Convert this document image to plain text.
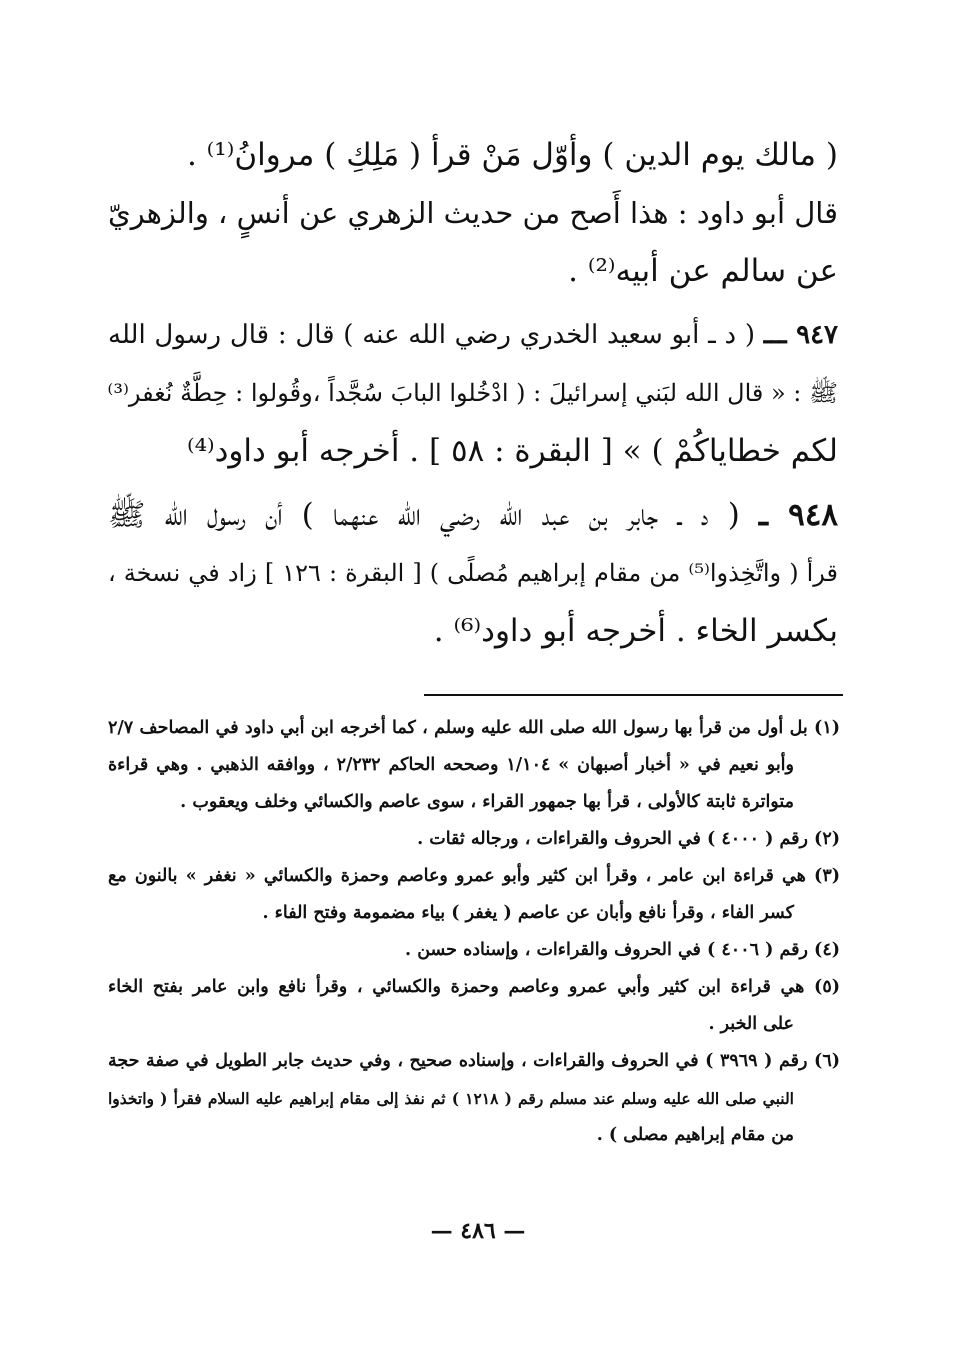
( مالك يوم الدين ) وأوّل مَنْ قرأ ( مَلِكِ ) مروانُ⁽¹⁾ .
قال أبو داود : هذا أَصح من حديث الزهري عن أنسٍ ، والزهريّ
عن سالم عن أبيه⁽²⁾ .
٩٤٧ ـــ ( د ـ أبو سعيد الخدري رضي الله عنه ) قال : قال رسول الله
ﷺ : « قال الله لبَني إسرائيلَ : ( ادْخُلوا البابَ سُجَّداً ،وقُولوا : حِطَّةٌ نُغفر⁽³⁾
لكم خطاياكُمْ ) » [ البقرة : ٥٨ ] . أخرجه أبو داود⁽⁴⁾
٩٤٨ ـ ( د ـ جابر بن عبد الله رضي الله عنهما ) أن رسول الله ﷺ
قرأ ( واتَّخِذوا⁽⁵⁾ من مقام إبراهيم مُصلًى ) [ البقرة : ١٢٦ ] زاد في نسخة ،
بكسر الخاء . أخرجه أبو داود⁽⁶⁾ .
(١) بل أول من قرأ بها رسول الله صلى الله عليه وسلم ، كما أخرجه ابن أبي داود في المصاحف ٢/٧
وأبو نعيم في « أخبار أصبهان » ١/١٠٤ وصححه الحاكم ٢/٢٣٢ ، ووافقه الذهبي . وهي قراءة
متواترة ثابتة كالأولى ، قرأ بها جمهور القراء ، سوى عاصم والكسائي وخلف ويعقوب .
(٢) رقم ( ٤٠٠٠ ) في الحروف والقراءات ، ورجاله ثقات .
(٣) هي قراءة ابن عامر ، وقرأ ابن كثير وأبو عمرو وعاصم وحمزة والكسائي « نغفر » بالنون مع
كسر الفاء ، وقرأ نافع وأبان عن عاصم ( يغفر ) بياء مضمومة وفتح الفاء .
(٤) رقم ( ٤٠٠٦ ) في الحروف والقراءات ، وإسناده حسن .
(٥) هي قراءة ابن كثير وأبي عمرو وعاصم وحمزة والكسائي ، وقرأ نافع وابن عامر بفتح الخاء
على الخبر .
(٦) رقم ( ٣٩٦٩ ) في الحروف والقراءات ، وإسناده صحيح ، وفي حديث جابر الطويل في صفة حجة
النبي صلى الله عليه وسلم عند مسلم رقم ( ١٢١٨ ) ثم نفذ إلى مقام إبراهيم عليه السلام فقرأ ( واتخذوا
من مقام إبراهيم مصلى ) .
— ٤٨٦ —
